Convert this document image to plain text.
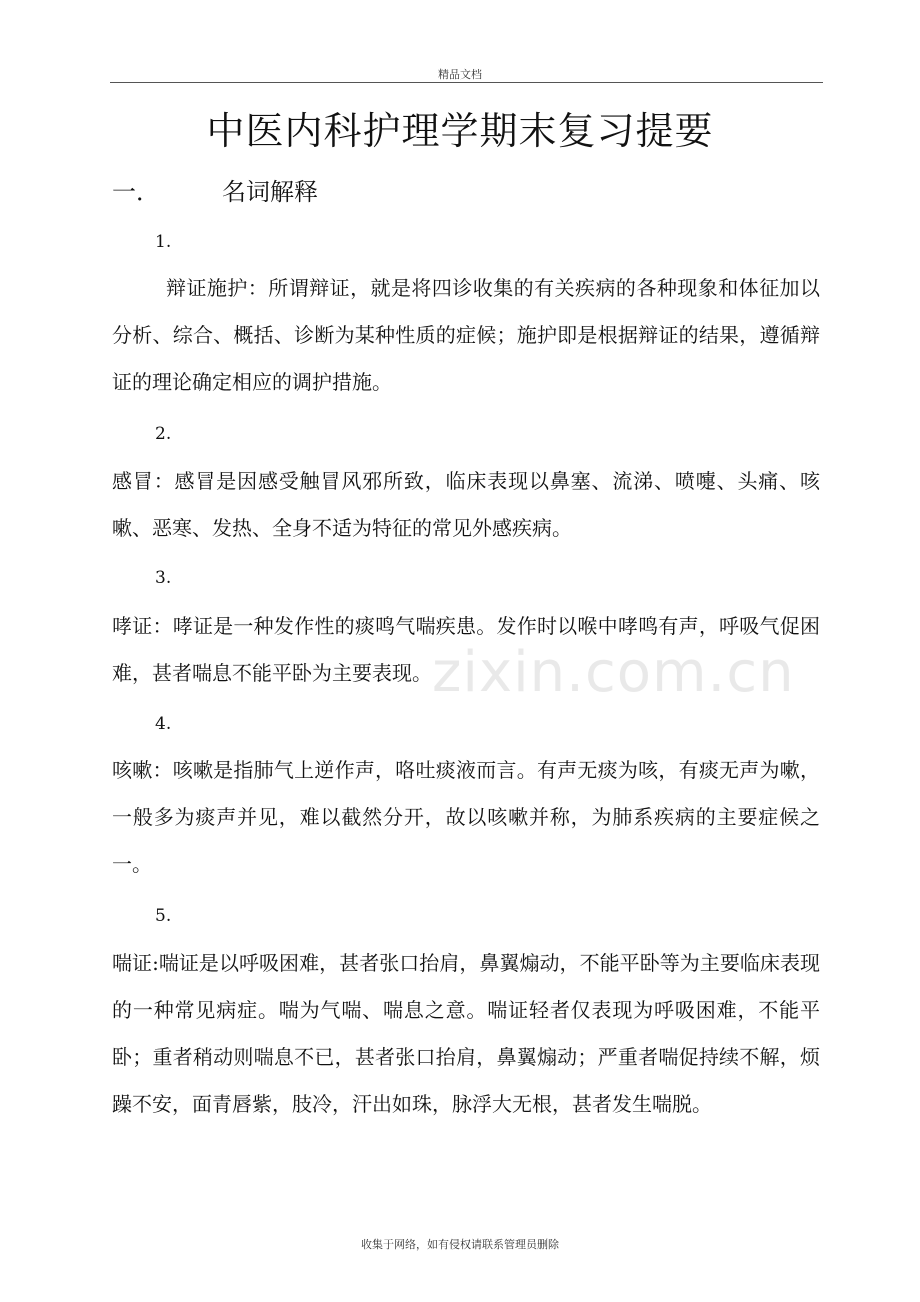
精品文档
中医内科护理学期末复习提要
一．	名词解释
1.
辩证施护：所谓辩证，就是将四诊收集的有关疾病的各种现象和体征加以分析、综合、概括、诊断为某种性质的症候；施护即是根据辩证的结果，遵循辩证的理论确定相应的调护措施。
2.
感冒：感冒是因感受触冒风邪所致，临床表现以鼻塞、流涕、喷嚏、头痛、咳嗽、恶寒、发热、全身不适为特征的常见外感疾病。
3.
哮证：哮证是一种发作性的痰鸣气喘疾患。发作时以喉中哮鸣有声，呼吸气促困难，甚者喘息不能平卧为主要表现。
4.
咳嗽：咳嗽是指肺气上逆作声，咯吐痰液而言。有声无痰为咳，有痰无声为嗽，一般多为痰声并见，难以截然分开，故以咳嗽并称，为肺系疾病的主要症候之一。
5.
喘证:喘证是以呼吸困难，甚者张口抬肩，鼻翼煽动，不能平卧等为主要临床表现的一种常见病症。喘为气喘、喘息之意。喘证轻者仅表现为呼吸困难，不能平卧；重者稍动则喘息不已，甚者张口抬肩，鼻翼煽动；严重者喘促持续不解，烦躁不安，面青唇紫，肢冷，汗出如珠，脉浮大无根，甚者发生喘脱。
zixin.com.cn
收集于网络，如有侵权请联系管理员删除
